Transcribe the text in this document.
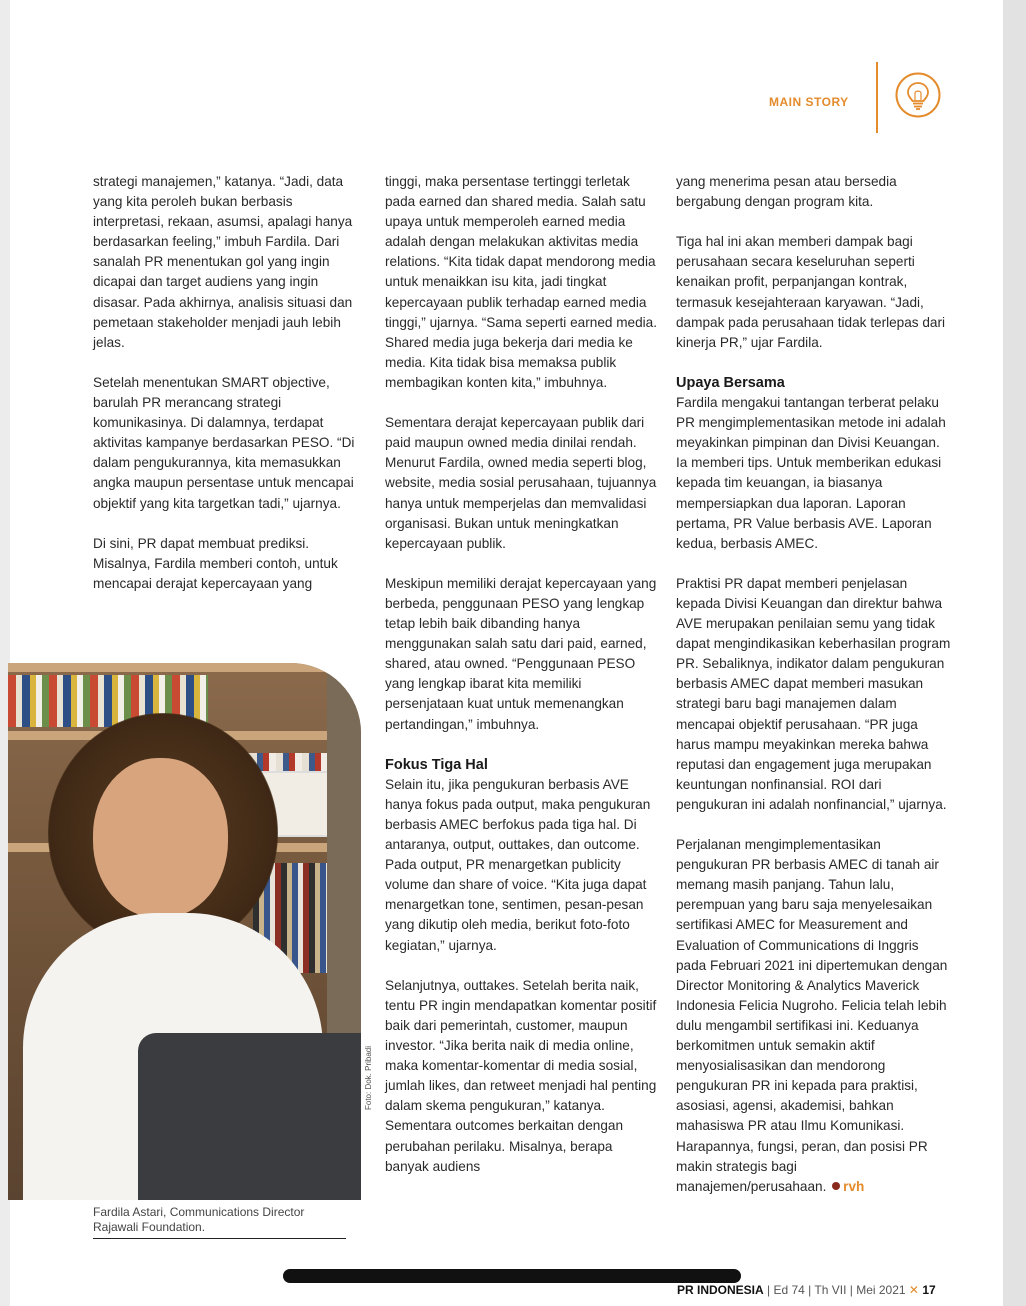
MAIN STORY

strategi manajemen,” katanya. “Jadi, data yang kita peroleh bukan berbasis interpretasi, rekaan, asumsi, apalagi hanya berdasarkan feeling,” imbuh Fardila. Dari sanalah PR menentukan gol yang ingin dicapai dan target audiens yang ingin disasar. Pada akhirnya, analisis situasi dan pemetaan stakeholder menjadi jauh lebih jelas.

Setelah menentukan SMART objective, barulah PR merancang strategi komunikasinya. Di dalamnya, terdapat aktivitas kampanye berdasarkan PESO. “Di dalam pengukurannya, kita memasukkan angka maupun persentase untuk mencapai objektif yang kita targetkan tadi,” ujarnya.

Di sini, PR dapat membuat prediksi. Misalnya, Fardila memberi contoh, untuk mencapai derajat kepercayaan yang

Foto: Dok. Pribadi
Fardila Astari, Communications Director Rajawali Foundation.

tinggi, maka persentase tertinggi terletak pada earned dan shared media. Salah satu upaya untuk memperoleh earned media adalah dengan melakukan aktivitas media relations. “Kita tidak dapat mendorong media untuk menaikkan isu kita, jadi tingkat kepercayaan publik terhadap earned media tinggi,” ujarnya. “Sama seperti earned media. Shared media juga bekerja dari media ke media. Kita tidak bisa memaksa publik membagikan konten kita,” imbuhnya.

Sementara derajat kepercayaan publik dari paid maupun owned media dinilai rendah. Menurut Fardila, owned media seperti blog, website, media sosial perusahaan, tujuannya hanya untuk memperjelas dan memvalidasi organisasi. Bukan untuk meningkatkan kepercayaan publik.

Meskipun memiliki derajat kepercayaan yang berbeda, penggunaan PESO yang lengkap tetap lebih baik dibanding hanya menggunakan salah satu dari paid, earned, shared, atau owned. “Penggunaan PESO yang lengkap ibarat kita memiliki persenjataan kuat untuk memenangkan pertandingan,” imbuhnya.

Fokus Tiga Hal

Selain itu, jika pengukuran berbasis AVE hanya fokus pada output, maka pengukuran berbasis AMEC berfokus pada tiga hal. Di antaranya, output, outtakes, dan outcome. Pada output, PR menargetkan publicity volume dan share of voice. “Kita juga dapat menargetkan tone, sentimen, pesan-pesan yang dikutip oleh media, berikut foto-foto kegiatan,” ujarnya.

Selanjutnya, outtakes. Setelah berita naik, tentu PR ingin mendapatkan komentar positif baik dari pemerintah, customer, maupun investor. “Jika berita naik di media online, maka komentar-komentar di media sosial, jumlah likes, dan retweet menjadi hal penting dalam skema pengukuran,” katanya. Sementara outcomes berkaitan dengan perubahan perilaku. Misalnya, berapa banyak audiens

yang menerima pesan atau bersedia bergabung dengan program kita.

Tiga hal ini akan memberi dampak bagi perusahaan secara keseluruhan seperti kenaikan profit, perpanjangan kontrak, termasuk kesejahteraan karyawan. “Jadi, dampak pada perusahaan tidak terlepas dari kinerja PR,” ujar Fardila.

Upaya Bersama

Fardila mengakui tantangan terberat pelaku PR mengimplementasikan metode ini adalah meyakinkan pimpinan dan Divisi Keuangan. Ia memberi tips. Untuk memberikan edukasi kepada tim keuangan, ia biasanya mempersiapkan dua laporan. Laporan pertama, PR Value berbasis AVE. Laporan kedua, berbasis AMEC.

Praktisi PR dapat memberi penjelasan kepada Divisi Keuangan dan direktur bahwa AVE merupakan penilaian semu yang tidak dapat mengindikasikan keberhasilan program PR. Sebaliknya, indikator dalam pengukuran berbasis AMEC dapat memberi masukan strategi baru bagi manajemen dalam mencapai objektif perusahaan. “PR juga harus mampu meyakinkan mereka bahwa reputasi dan engagement juga merupakan keuntungan nonfinansial. ROI dari pengukuran ini adalah nonfinancial,” ujarnya.

Perjalanan mengimplementasikan pengukuran PR berbasis AMEC di tanah air memang masih panjang. Tahun lalu, perempuan yang baru saja menyelesaikan sertifikasi AMEC for Measurement and Evaluation of Communications di Inggris pada Februari 2021 ini dipertemukan dengan Director Monitoring & Analytics Maverick Indonesia Felicia Nugroho. Felicia telah lebih dulu mengambil sertifikasi ini. Keduanya berkomitmen untuk semakin aktif menyosialisasikan dan mendorong pengukuran PR ini kepada para praktisi, asosiasi, agensi, akademisi, bahkan mahasiswa PR atau Ilmu Komunikasi. Harapannya, fungsi, peran, dan posisi PR makin strategis bagi manajemen/perusahaan. rvh

PR INDONESIA | Ed 74 | Th VII | Mei 2021 ✕ 17
